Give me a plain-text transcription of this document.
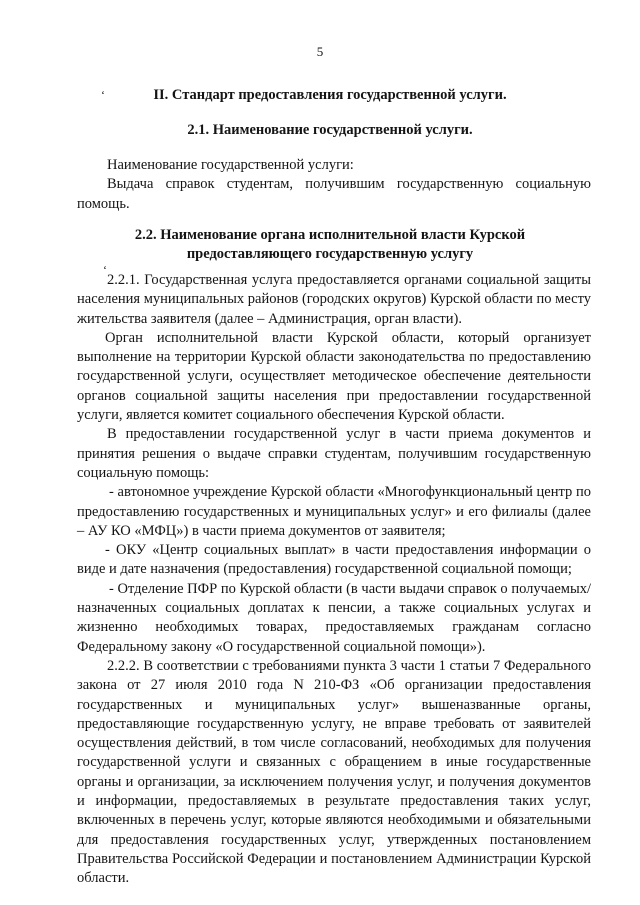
5
ʻ	II. Стандарт предоставления государственной услуги.
2.1. Наименование государственной услуги.

Наименование государственной услуги:

Выдача справок студентам, получившим государственную социальную помощь.

2.2. Наименование органа исполнительной власти Курской
предоставляющего государственную услугу
ʻ

2.2.1. Государственная услуга предоставляется органами социальной защиты населения муниципальных районов (городских округов) Курской области по месту жительства заявителя (далее – Администрация, орган власти).

Орган исполнительной власти Курской области, который организует выполнение на территории Курской области законодательства по предоставлению государственной услуги, осуществляет методическое обеспечение деятельности органов социальной защиты населения при предоставлении государственной услуги, является комитет социального обеспечения Курской области.

В предоставлении государственной услуг в части приема документов и принятия решения о выдаче справки студентам, получившим государственную социальную помощь:

- автономное учреждение Курской области «Многофункциональный центр по предоставлению государственных и муниципальных услуг» и его филиалы (далее – АУ КО «МФЦ») в части приема документов от заявителя;

- ОКУ «Центр социальных выплат» в части предоставления информации о виде и дате назначения (предоставления) государственной социальной помощи;

- Отделение ПФР по Курской области (в части выдачи справок о получаемых/назначенных социальных доплатах к пенсии, а также социальных услугах и жизненно необходимых товарах, предоставляемых гражданам согласно Федеральному закону «О государственной социальной помощи»).

2.2.2. В соответствии с требованиями пункта 3 части 1 статьи 7 Федерального закона от 27 июля 2010 года N 210-ФЗ «Об организации предоставления государственных и муниципальных услуг» вышеназванные органы, предоставляющие государственную услугу, не вправе требовать от заявителей осуществления действий, в том числе согласований, необходимых для получения государственной услуги и связанных с обращением в иные государственные органы и организации, за исключением получения услуг, и получения документов и информации, предоставляемых в результате предоставления таких услуг, включенных в перечень услуг, которые являются необходимыми и обязательными для предоставления государственных услуг, утвержденных постановлением Правительства Российской Федерации и постановлением Администрации Курской области.
